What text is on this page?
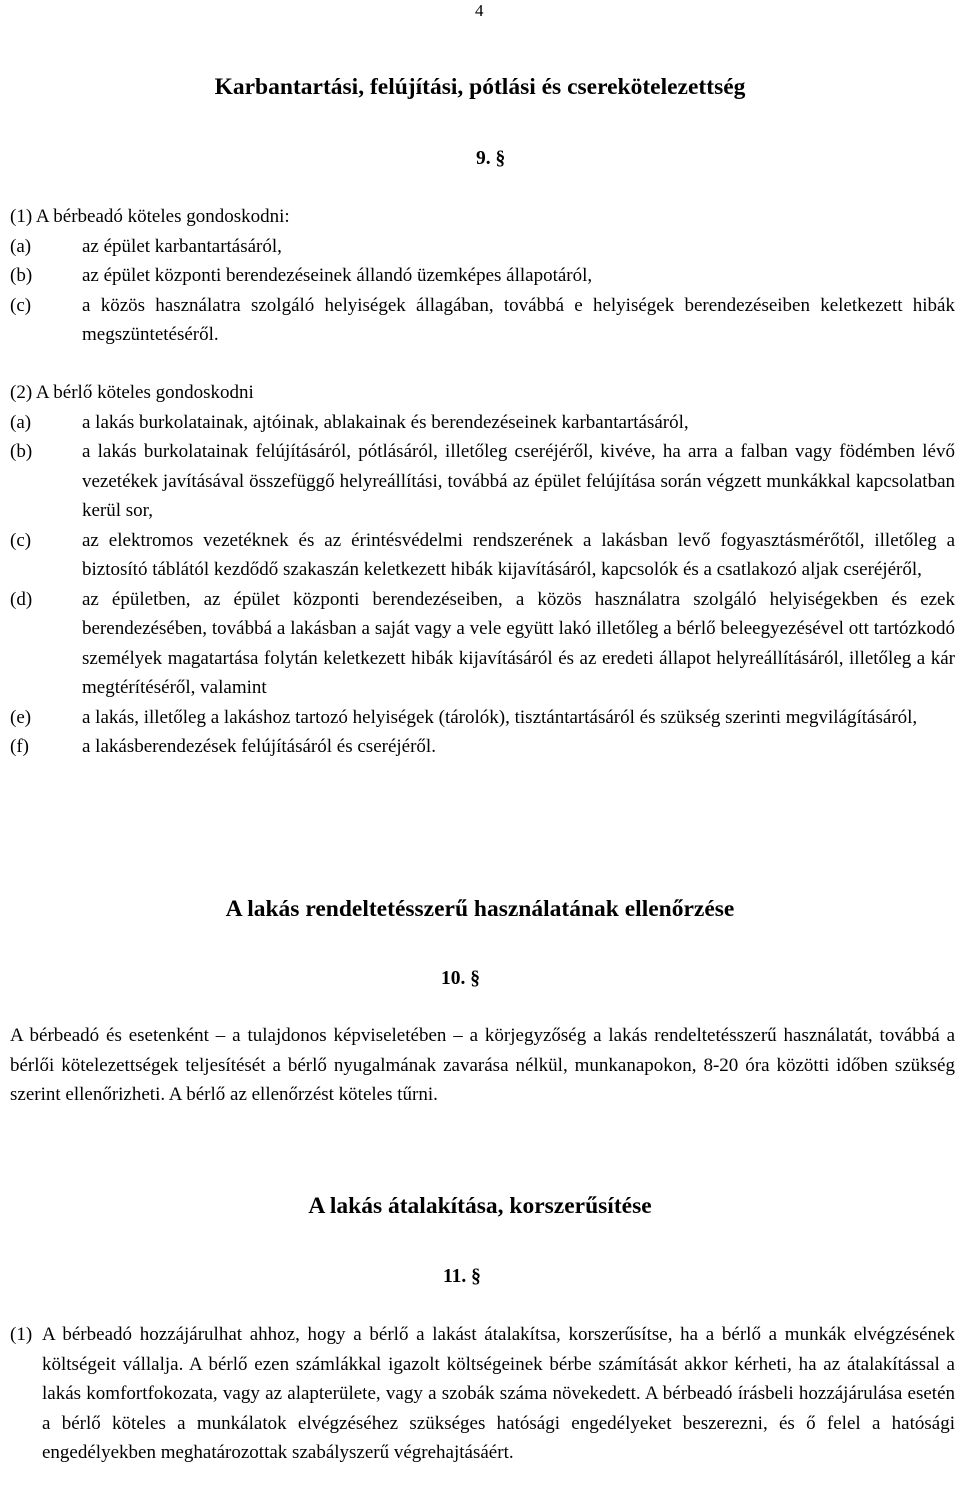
4
Karbantartási, felújítási, pótlási és cserekötelezettség
9. §
(1) A bérbeadó köteles gondoskodni:
(a)	az épület karbantartásáról,
(b)	az épület központi berendezéseinek állandó üzemképes állapotáról,
(c)	a közös használatra szolgáló helyiségek állagában, továbbá e helyiségek berendezéseiben keletkezett hibák megszüntetéséről.
(2) A bérlő köteles gondoskodni
(a)	a lakás burkolatainak, ajtóinak, ablakainak és berendezéseinek karbantartásáról,
(b)	a lakás burkolatainak felújításáról, pótlásáról, illetőleg cseréjéről, kivéve, ha arra a falban vagy födémben lévő vezetékek javításával összefüggő helyreállítási, továbbá az épület felújítása során végzett munkákkal kapcsolatban kerül sor,
(c)	az elektromos vezetéknek és az érintésvédelmi rendszerének a lakásban levő fogyasztásmérőtől, illetőleg a biztosító táblától kezdődő szakaszán keletkezett hibák kijavításáról, kapcsolók és a csatlakozó aljak cseréjéről,
(d)	az épületben, az épület központi berendezéseiben, a közös használatra szolgáló helyiségekben és ezek berendezésében, továbbá a lakásban a saját vagy a vele együtt lakó illetőleg a bérlő beleegyezésével ott tartózkodó személyek magatartása folytán keletkezett hibák kijavításáról és az eredeti állapot helyreállításáról, illetőleg a kár megtérítéséről, valamint
(e)	a lakás, illetőleg a lakáshoz tartozó helyiségek (tárolók), tisztántartásáról és szükség szerinti megvilágításáról,
(f)	a lakásberendezések felújításáról és cseréjéről.
A lakás rendeltetésszerű használatának ellenőrzése
10. §
A bérbeadó és esetenként – a tulajdonos képviseletében – a körjegyzőség a lakás rendeltetésszerű használatát, továbbá a bérlői kötelezettségek teljesítését a bérlő nyugalmának zavarása nélkül, munkanapokon, 8-20 óra közötti időben szükség szerint ellenőrizheti. A bérlő az ellenőrzést köteles tűrni.
A lakás átalakítása, korszerűsítése
11. §
(1) A bérbeadó hozzájárulhat ahhoz, hogy a bérlő a lakást átalakítsa, korszerűsítse, ha a bérlő a munkák elvégzésének költségeit vállalja. A bérlő ezen számlákkal igazolt költségeinek bérbe számítását akkor kérheti, ha az átalakítással a lakás komfortfokozata, vagy az alapterülete, vagy a szobák száma növekedett. A bérbeadó írásbeli hozzájárulása esetén a bérlő köteles a munkálatok elvégzéséhez szükséges hatósági engedélyeket beszerezni, és ő felel a hatósági engedélyekben meghatározottak szabályszerű végrehajtásáért.
